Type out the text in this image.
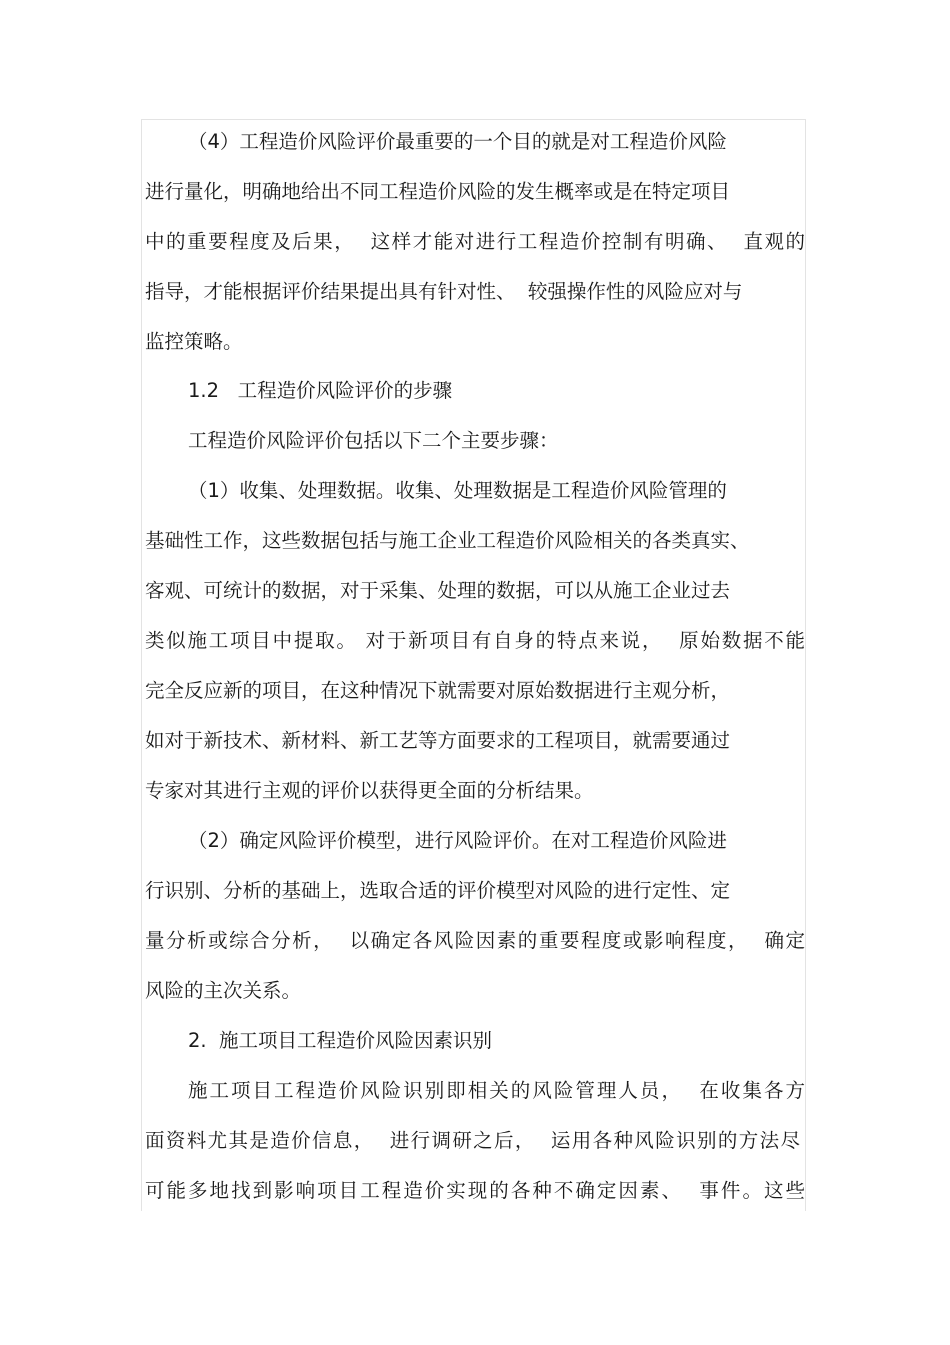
（4）工程造价风险评价最重要的一个目的就是对工程造价风险
进行量化，明确地给出不同工程造价风险的发生概率或是在特定项目
中的重要程度及后果，  这样才能对进行工程造价控制有明确、  直观的
指导，才能根据评价结果提出具有针对性、  较强操作性的风险应对与
监控策略。
1.2   工程造价风险评价的步骤
工程造价风险评价包括以下二个主要步骤：
（1）收集、处理数据。收集、处理数据是工程造价风险管理的
基础性工作，这些数据包括与施工企业工程造价风险相关的各类真实、
客观、可统计的数据，对于采集、处理的数据，可以从施工企业过去
类似施工项目中提取。 对于新项目有自身的特点来说，  原始数据不能
完全反应新的项目，在这种情况下就需要对原始数据进行主观分析，
如对于新技术、新材料、新工艺等方面要求的工程项目，就需要通过
专家对其进行主观的评价以获得更全面的分析结果。
（2）确定风险评价模型，进行风险评价。在对工程造价风险进
行识别、分析的基础上，选取合适的评价模型对风险的进行定性、定
量分析或综合分析，  以确定各风险因素的重要程度或影响程度，  确定
风险的主次关系。
2.  施工项目工程造价风险因素识别
施工项目工程造价风险识别即相关的风险管理人员，  在收集各方
面资料尤其是造价信息，  进行调研之后，  运用各种风险识别的方法尽
可能多地找到影响项目工程造价实现的各种不确定因素、  事件。这些
